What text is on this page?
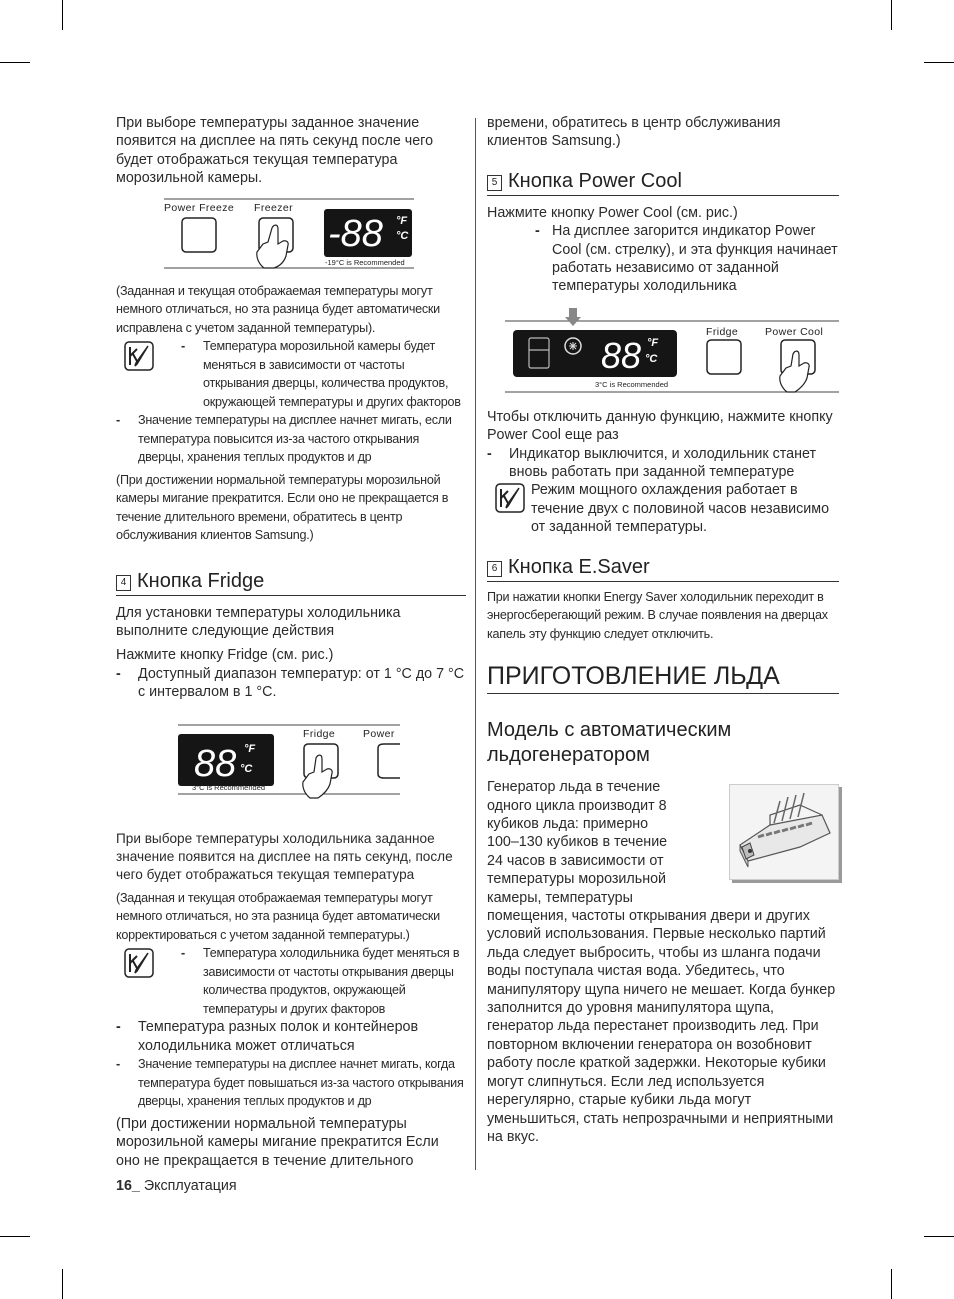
При выборе температуры заданное значение появится на дисплее на пять секунд после чего будет отображаться текущая температура морозильной камеры.

Power Freeze Freezer
-88 °F
°C
-19°C is Recommended

(Заданная и текущая отображаемая температуры могут немного отличаться, но эта разница будет автоматически исправлена с учетом заданной температуры).

- Температура морозильной камеры будет меняться в зависимости от частоты открывания дверцы, количества продуктов, окружающей температуры и других факторов

- Значение температуры на дисплее начнет мигать, если температура повысится из-за частого открывания дверцы, хранения теплых продуктов и др

(При достижении нормальной температуры морозильной камеры мигание прекратится. Если оно не прекращается в течение длительного времени, обратитесь в центр обслуживания клиентов Samsung.)

4 Кнопка Fridge

Для установки температуры холодильника выполните следующие действия

Нажмите кнопку Fridge (см. рис.)

- Доступный диапазон температур: от 1 °C до 7 °C с интервалом в 1 °C.

88 °F
°C
3°C is Recommended
Fridge	Power

При выборе температуры холодильника заданное значение появится на дисплее на пять секунд, после чего будет отображаться текущая температура

(Заданная и текущая отображаемая температуры могут немного отличаться, но эта разница будет автоматически корректироваться с учетом заданной температуры.)

- Температура холодильника будет меняться в зависимости от частоты открывания дверцы количества продуктов, окружающей температуры и других факторов

- Температура разных полок и контейнеров холодильника может отличаться

- Значение температуры на дисплее начнет мигать, когда температура будет повышаться из-за частого открывания дверцы, хранения теплых продуктов и др

(При достижении нормальной температуры морозильной камеры мигание прекратится Если оно не прекращается в течение длительного

времени, обратитесь в центр обслуживания клиентов Samsung.)

5 Кнопка Power Cool

Нажмите кнопку Power Cool (см. рис.)

- На дисплее загорится индикатор Power Cool (см. стрелку), и эта функция начинает работать независимо от заданной температуры холодильника

88 °F
°C
3°C is Recommended
Fridge	Power Cool

Чтобы отключить данную функцию, нажмите кнопку Power Cool еще раз

- Индикатор выключится, и холодильник станет вновь работать при заданной температуре

Режим мощного охлаждения работает в течение двух с половиной часов независимо от заданной температуры.

6 Кнопка E.Saver

При нажатии кнопки Energy Saver холодильник переходит в энергосберегающий режим. В случае появления на дверцах капель эту функцию следует отключить.

ПРИГОТОВЛЕНИЕ ЛЬДА
Модель с автоматическим льдогенератором

Генератор льда в течение одного цикла производит 8 кубиков льда: примерно 100–130 кубиков в течение 24 часов в зависимости от температуры морозильной камеры, температуры

помещения, частоты открывания двери и других условий использования. Первые несколько партий льда следует выбросить, чтобы из шланга подачи воды поступала чистая вода. Убедитесь, что манипулятору щупа ничего не мешает. Когда бункер заполнится до уровня манипулятора щупа, генератор льда перестанет производить лед. При повторном включении генератора он возобновит работу после краткой задержки. Некоторые кубики могут слипнуться. Если лед используется нерегулярно, старые кубики льда могут уменьшиться, стать непрозрачными и неприятными на вкус.

16_ Эксплуатация
